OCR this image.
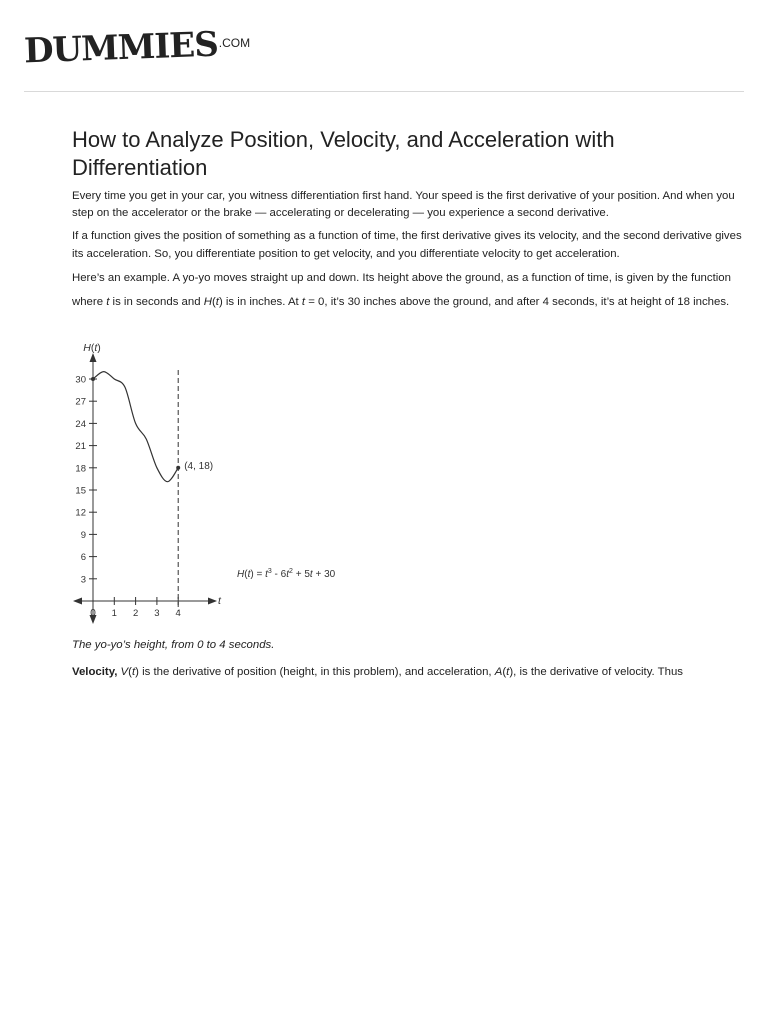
DUMMIES .COM
How to Analyze Position, Velocity, and Acceleration with Differentiation

Every time you get in your car, you witness differentiation first hand. Your speed is the first derivative of your position. And when you step on the accelerator or the brake — accelerating or decelerating — you experience a second derivative.

If a function gives the position of something as a function of time, the first derivative gives its velocity, and the second derivative gives its acceleration. So, you differentiate position to get velocity, and you differentiate velocity to get acceleration.

Here’s an example. A yo-yo moves straight up and down. Its height above the ground, as a function of time, is given by the function

where t is in seconds and H(t) is in inches. At t = 0, it’s 30 inches above the ground, and after 4 seconds, it’s at height of 18 inches.

H(t)
t
0
3
6
9
12
15
18
21
24
27
30
1 2 3 4
(4, 18)
$H(t) = t^3 - 6t^2 + 5t + 30$
The yo-yo’s height, from 0 to 4 seconds.

Velocity, V(t) is the derivative of position (height, in this problem), and acceleration, A(t), is the derivative of velocity. Thus
